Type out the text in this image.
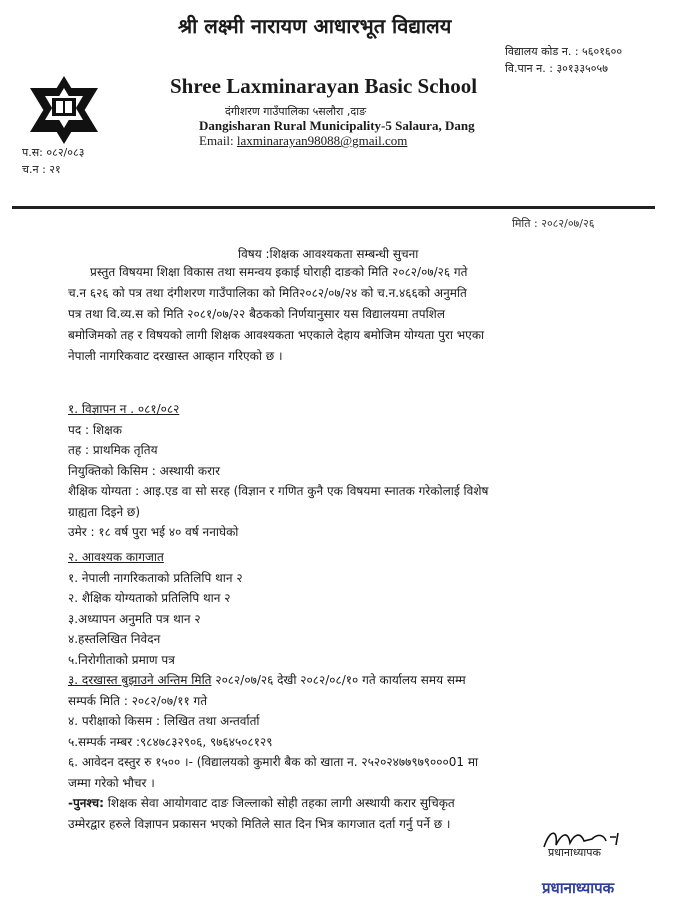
श्री लक्ष्मी नारायण आधारभूत विद्यालय
Shree Laxminarayan Basic School
दंगीशरण गाउँपालिका ५सलौरा ,दाङ
Dangisharan Rural Municipality-5 Salaura, Dang
Email: laxminarayan98088@gmail.com
विद्यालय कोड न. : ५६०१६००
वि.पान न. : ३०१३३५०५७
प.स: ०८२/०८३
च.न : २१
मिति : २०८२/०७/२६
विषय :शिक्षक आवश्यकता सम्बन्धी सुचना
प्रस्तुत विषयमा शिक्षा विकास तथा समन्वय इकाई घोराही दाङको मिति २०८२/०७/२६ गते
च.न ६२६ को पत्र तथा दंगीशरण गाउँपालिका को मिति२०८२/०७/२४ को च.न.४६६को अनुमति
पत्र तथा वि.व्य.स को मिति २०८१/०७/२२ बैठकको निर्णयानुसार यस विद्यालयमा तपशिल
बमोजिमको तह र विषयको लागी शिक्षक आवश्यकता भएकाले देहाय बमोजिम योग्यता पुरा भएका
नेपाली नागरिकवाट दरखास्त आव्हान गरिएको छ ।
१. विज्ञापन न . ०८१/०८२
पद : शिक्षक
तह : प्राथमिक तृतिय
नियुक्तिको किसिम : अस्थायी करार
शैक्षिक योग्यता : आइ.एड वा सो सरह (विज्ञान र गणित कुनै एक विषयमा स्नातक गरेकोलाई विशेष
ग्राह्यता दिइने छ)
उमेर : १८ वर्ष पुरा भई ४० वर्ष ननाघेको
२. आवश्यक कागजात
१. नेपाली नागरिकताको प्रतिलिपि थान २
२. शैक्षिक योग्यताको प्रतिलिपि थान २
३.अध्यापन अनुमति पत्र थान २
४.हस्तलिखित निवेदन
५.निरोगीताको प्रमाण पत्र
३. दरखास्त बुझाउने अन्तिम मिति २०८२/०७/२६ देखी २०८२/०८/१० गते कार्यालय समय सम्म
सम्पर्क मिति : २०८२/०७/११ गते
४. परीक्षाको किसम : लिखित तथा अन्तर्वार्ता
५.सम्पर्क नम्बर :९८४७८३२९०६, ९७६४५०८१२९
६. आवेदन दस्तुर रु १५०० ।- (विद्यालयको कुमारी बैक को खाता न. २५२०२४७७९७९०००01 मा
जम्मा गरेको भौचर ।
-पुनश्च: शिक्षक सेवा आयोगवाट दाङ जिल्लाको सोही तहका लागी अस्थायी करार सुचिकृत
उम्मेरद्वार हरुले विज्ञापन प्रकासन भएको मितिले सात दिन भित्र कागजात दर्ता गर्नु पर्ने छ ।
प्रधानाध्यापक
प्रधानाध्यापक
